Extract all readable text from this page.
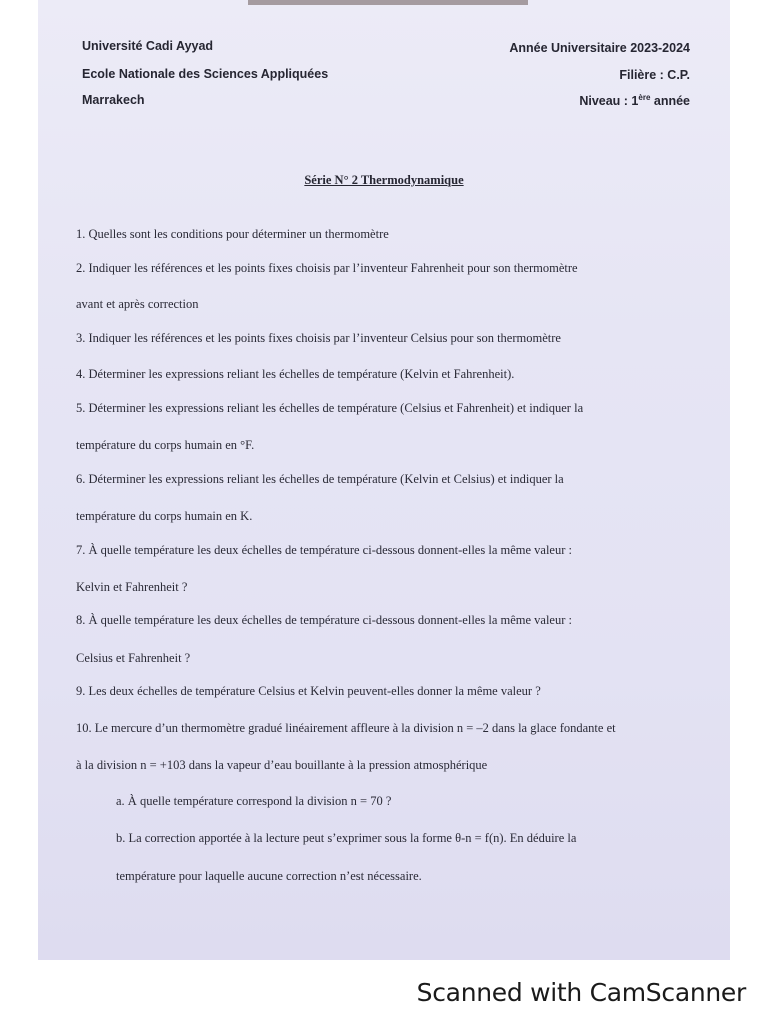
Université Cadi Ayyad
Ecole Nationale des Sciences Appliquées
Marrakech
Année Universitaire 2023-2024
Filière : C.P.
Niveau : 1ère année
Série N° 2 Thermodynamique
1. Quelles sont les conditions pour déterminer un thermomètre
2. Indiquer les références et les points fixes choisis par l’inventeur Fahrenheit pour son thermomètre
avant et après correction
3. Indiquer les références et les points fixes choisis par l’inventeur Celsius pour son thermomètre
4. Déterminer les expressions reliant les échelles de température (Kelvin et Fahrenheit).
5. Déterminer les expressions reliant les échelles de température (Celsius et Fahrenheit) et indiquer la
température du corps humain en °F.
6. Déterminer les expressions reliant les échelles de température (Kelvin et Celsius) et indiquer la
température du corps humain en K.
7. À quelle température les deux échelles de température ci-dessous donnent-elles la même valeur :
Kelvin et Fahrenheit ?
8. À quelle température les deux échelles de température ci-dessous donnent-elles la même valeur :
Celsius et Fahrenheit ?
9. Les deux échelles de température Celsius et Kelvin peuvent-elles donner la même valeur ?
10. Le mercure d’un thermomètre gradué linéairement affleure à la division n = –2 dans la glace fondante et
à la division n = +103 dans la vapeur d’eau bouillante à la pression atmosphérique
a. À quelle température correspond la division n = 70 ?
b. La correction apportée à la lecture peut s’exprimer sous la forme θ-n = f(n). En déduire la
température pour laquelle aucune correction n’est nécessaire.
Scanned with CamScanner
